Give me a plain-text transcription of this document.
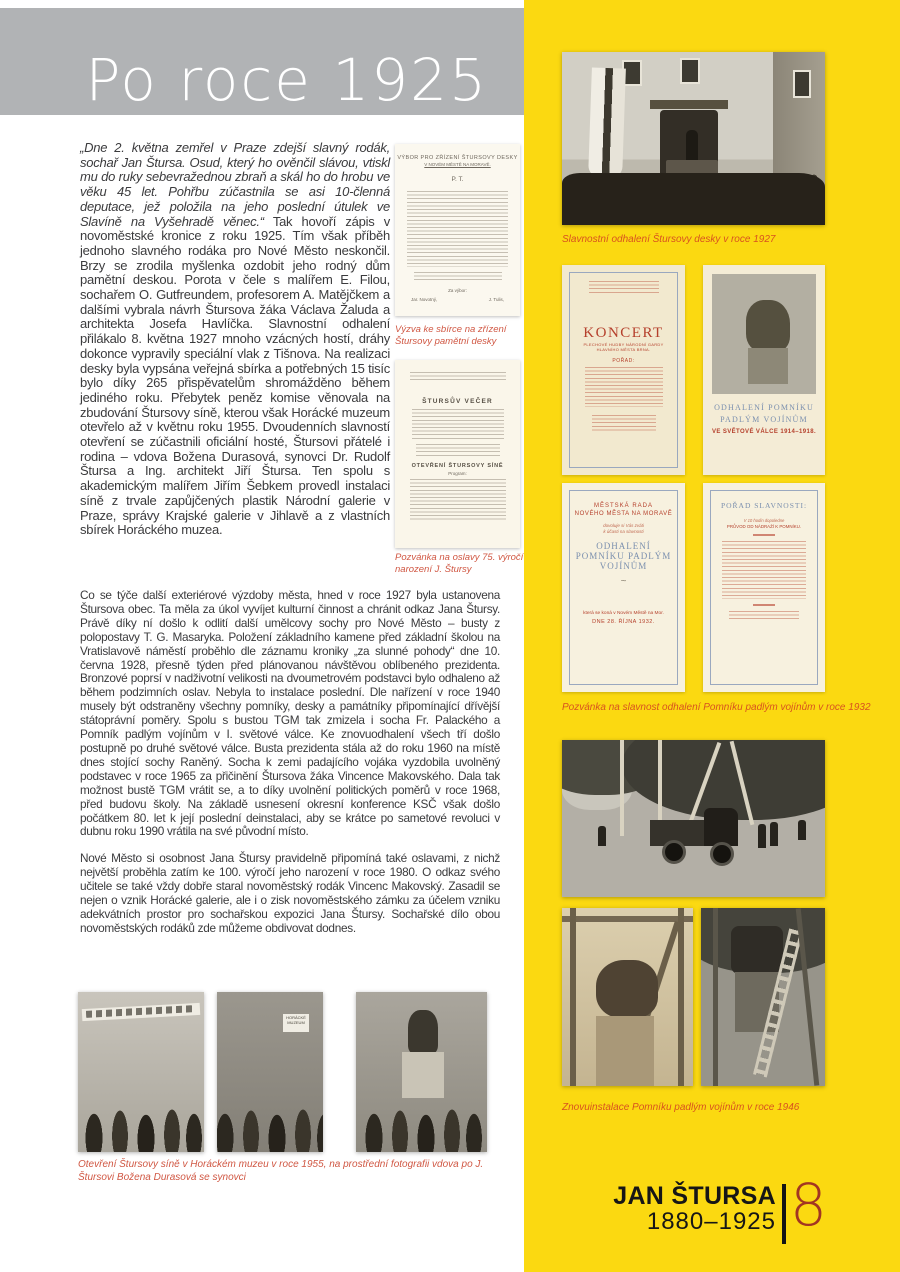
Po roce 1925
Slavnostní odhalení Štursovy desky v roce 1927
KONCERT
PLECHOVÉ HUDBY NÁRODNÍ GARDY
HLAVNÍHO MĚSTA BRNA.
POŘAD:
ODHALENÍ POMNÍKU
PADLÝM VOJÍNŮM
VE SVĚTOVÉ VÁLCE 1914–1918.
MĚSTSKÁ RADA
NOVÉHO MĚSTA NA MORAVĚ
dovoluje si Vás zváti
k účasti na slavnosti
ODHALENÍ
POMNÍKU PADLÝM
VOJÍNŮM
~
která se koná v Novém Městě na Mor.
DNE 28. ŘÍJNA 1932.
POŘAD SLAVNOSTI:
V 10 hodin dopoledne
PRŮVOD OD NÁDRAŽÍ K POMNÍKU.
Pozvánka na slavnost odhalení Pomníku padlým vojínům v roce 1932
Znovuinstalace Pomníku padlým vojínům v roce 1946
JAN ŠTURSA
1880–1925 8
„Dne 2. května zemřel v Praze zdejší slavný rodák, sochař Jan Štursa. Osud, který ho ověnčil slávou, vtiskl mu do ruky sebevražednou zbraň a skál ho do hrobu ve věku 45 let. Pohřbu zúčastnila se asi 10-členná deputace, jež položila na jeho poslední útulek ve Slavíně na Vyšehradě věnec.“ Tak hovoří zápis v novoměstské kronice z roku 1925. Tím však příběh jednoho slavného rodáka pro Nové Město neskončil. Brzy se zrodila myšlenka ozdobit jeho rodný dům pamětní deskou. Porota v čele s malířem E. Filou, sochařem O. Gutfreundem, profesorem A. Matějčkem a dalšími vybrala návrh Štursova žáka Václava Žaluda a architekta Josefa Havlíčka. Slavnostní odhalení přilákalo 8. května 1927 mnoho vzácných hostí, dráhy dokonce vypravily speciální vlak z Tišnova. Na realizaci desky byla vypsána veřejná sbírka a potřebných 15 tisíc bylo díky 265 přispěvatelům shromážděno během jediného roku. Přebytek peněz komise věnovala na zbudování Štursovy síně, kterou však Horácké muzeum otevřelo až v květnu roku 1955. Dvoudenních slavností otevření se zúčastnili oficiální hosté, Štursovi přátelé i rodina – vdova Božena Durasová, synovci Dr. Rudolf Štursa a Ing. architekt Jiří Štursa. Ten spolu s akademickým malířem Jiřím Šebkem provedl instalaci síně z trvale zapůjčených plastik Národní galerie v Praze, správy Krajské galerie v Jihlavě a z vlastních sbírek Horáckého muzea.
VÝBOR PRO ZŘÍZENÍ ŠTURSOVY DESKY
V NOVÉM MĚSTĚ NA MORAVĚ.
P. T.
Za výbor:
Jar. Novotný,	J. Tulis,
Výzva ke sbírce na zřízení Štursovy pamětní desky
ŠTURSŮV VEČER
OTEVŘENÍ ŠTURSOVY SÍNĚ
Program:
Pozvánka na oslavy 75. výročí narození J. Štursy

Co se týče další exteriérové výzdoby města, hned v roce 1927 byla ustanovena Štursova obec. Ta měla za úkol vyvíjet kulturní činnost a chránit odkaz Jana Štursy. Právě díky ní došlo k odlití další umělcovy sochy pro Nové Město – busty z polopostavy T. G. Masaryka. Položení základního kamene před základní školou na Vratislavově náměstí proběhlo dle záznamu kroniky „za slunné pohody“ dne 10. června 1928, přesně týden před plánovanou návštěvou oblíbeného prezidenta. Bronzové poprsí v nadživotní velikosti na dvoumetrovém podstavci bylo odhaleno až během podzimních oslav. Nebyla to instalace poslední. Dle nařízení v roce 1940 musely být odstraněny všechny pomníky, desky a památníky připomínající dřívější státoprávní poměry. Spolu s bustou TGM tak zmizela i socha Fr. Palackého a Pomník padlým vojínům v I. světové válce. Ke znovuodhalení všech tří došlo postupně po druhé světové válce. Busta prezidenta stála až do roku 1960 na místě dnes stojící sochy Raněný. Socha k zemi padajícího vojáka vyzdobila uvolněný podstavec v roce 1965 za přičinění Štursova žáka Vincence Makovského. Dala tak možnost bustě TGM vrátit se, a to díky uvolnění politických poměrů v roce 1968, před budovu školy. Na základě usnesení okresní konference KSČ však došlo počátkem 80. let k její poslední deinstalaci, aby se krátce po sametové revoluci v dubnu roku 1990 vrátila na své původní místo.

Nové Město si osobnost Jana Štursy pravidelně připomíná také oslavami, z nichž největší proběhla zatím ke 100. výročí jeho narození v roce 1980. O odkaz svého učitele se také vždy dobře staral novoměstský rodák Vincenc Makovský. Zasadil se nejen o vznik Horácké galerie, ale i o zisk novoměstského zámku za účelem vzniku adekvátních prostor pro sochařskou expozici Jana Štursy. Sochařské dílo obou novoměstských rodáků zde můžeme obdivovat dodnes.

HORÁCKÉ MUZEUM
Otevření Štursovy síně v Horáckém muzeu v roce 1955, na prostřední fotografii vdova po J. Štursovi Božena Durasová se synovci
